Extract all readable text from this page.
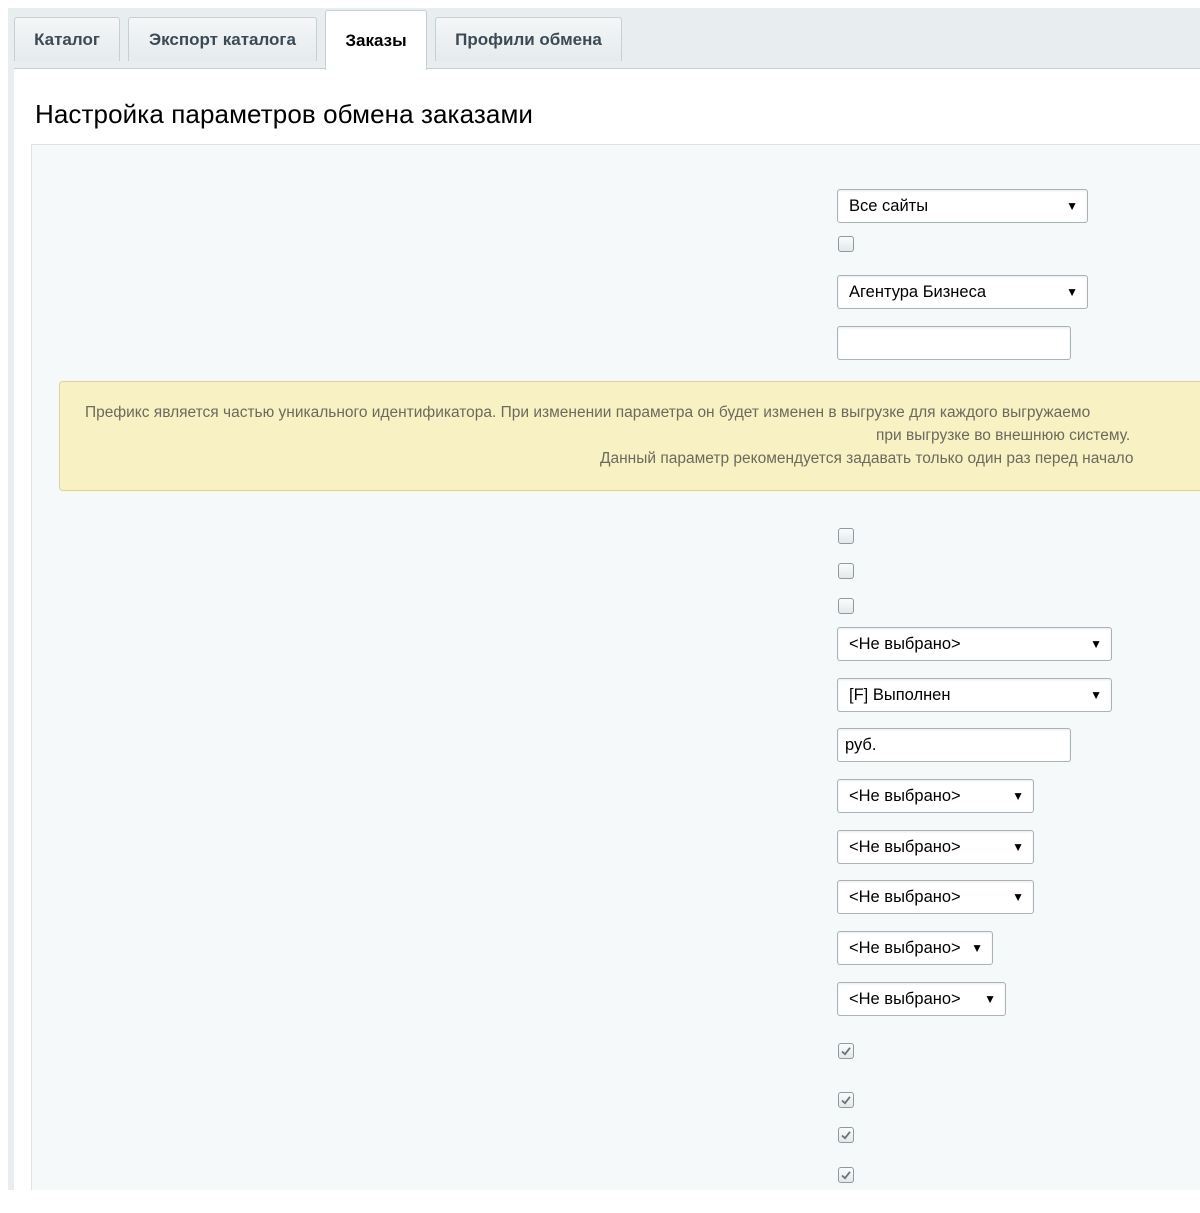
Каталог	Экспорт каталога	Заказы	Профили обмена
Настройка параметров обмена заказами
Все сайты	▼
Агентура Бизнеса	▼

Префикс является частью уникального идентификатора. При изменении параметра он будет изменен в выгрузке для каждого выгружаемо

при выгрузке во внешнюю систему.

Данный параметр рекомендуется задавать только один раз перед начало

<Не выбрано>	▼
[F] Выполнен	▼
руб.
<Не выбрано>	▼
<Не выбрано>	▼
<Не выбрано>	▼
<Не выбрано> ▼
<Не выбрано> ▼
